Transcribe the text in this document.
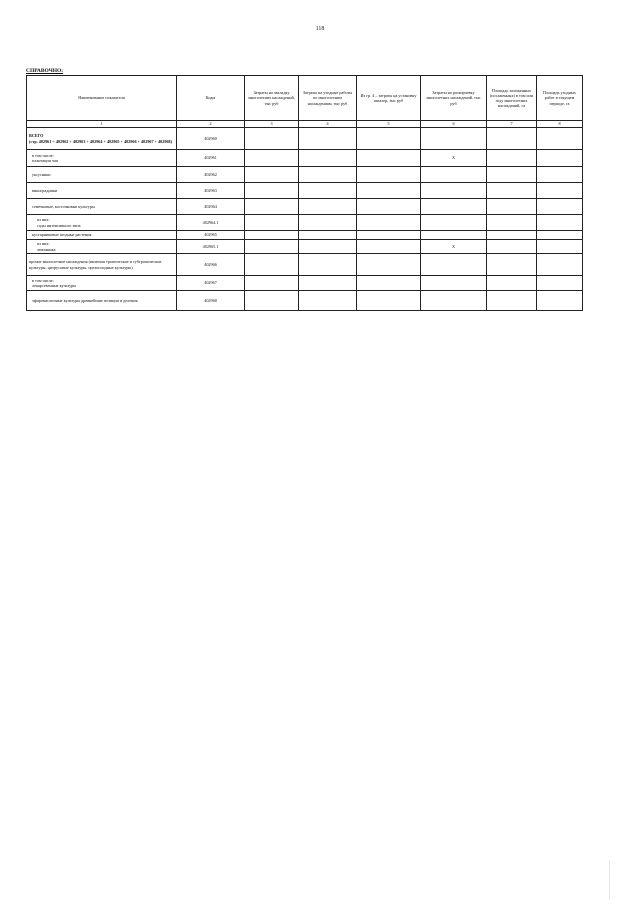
118
СПРАВОЧНО:
Наименование показателя	Коды	Затраты на закладку многолетних насаждений, тыс руб	Затраты на уходные работы по многолетним насаждениям, тыс руб	Из гр. 4 – затраты на установку шпалер, тыс руб	Затраты на раскорчевку многолетних насаждений, тыс руб	Площадь заложенных (посаженных) в том или году многолетних насаждений, га	Площадь уходных работ в текущем периоде, га
1	2	3	4	5	6	7	8

ВСЕГО
(стр. 402961 + 402962 + 402963 + 402964 + 402965 + 402966 + 402967 + 402968)	402960						

в том числе:
плантации чая	402961				X		

уксусники	402962						

виноградники	402963						

семечковые, косточковые культуры	402964						

из них:
сады интенсивного типа	402964.1						

кустарниковые ягодные растения	402965						

из них:
земляника	402965.1				X		

прочие многолетние насаждения (включая тропические и субтропические культуры, цитрусовые культуры, орехоплодные культуры)	402966						

в том числе:
лекарственные культуры	402967						

эфиромасличные культуры древнейшие позиции и деления	402968						
